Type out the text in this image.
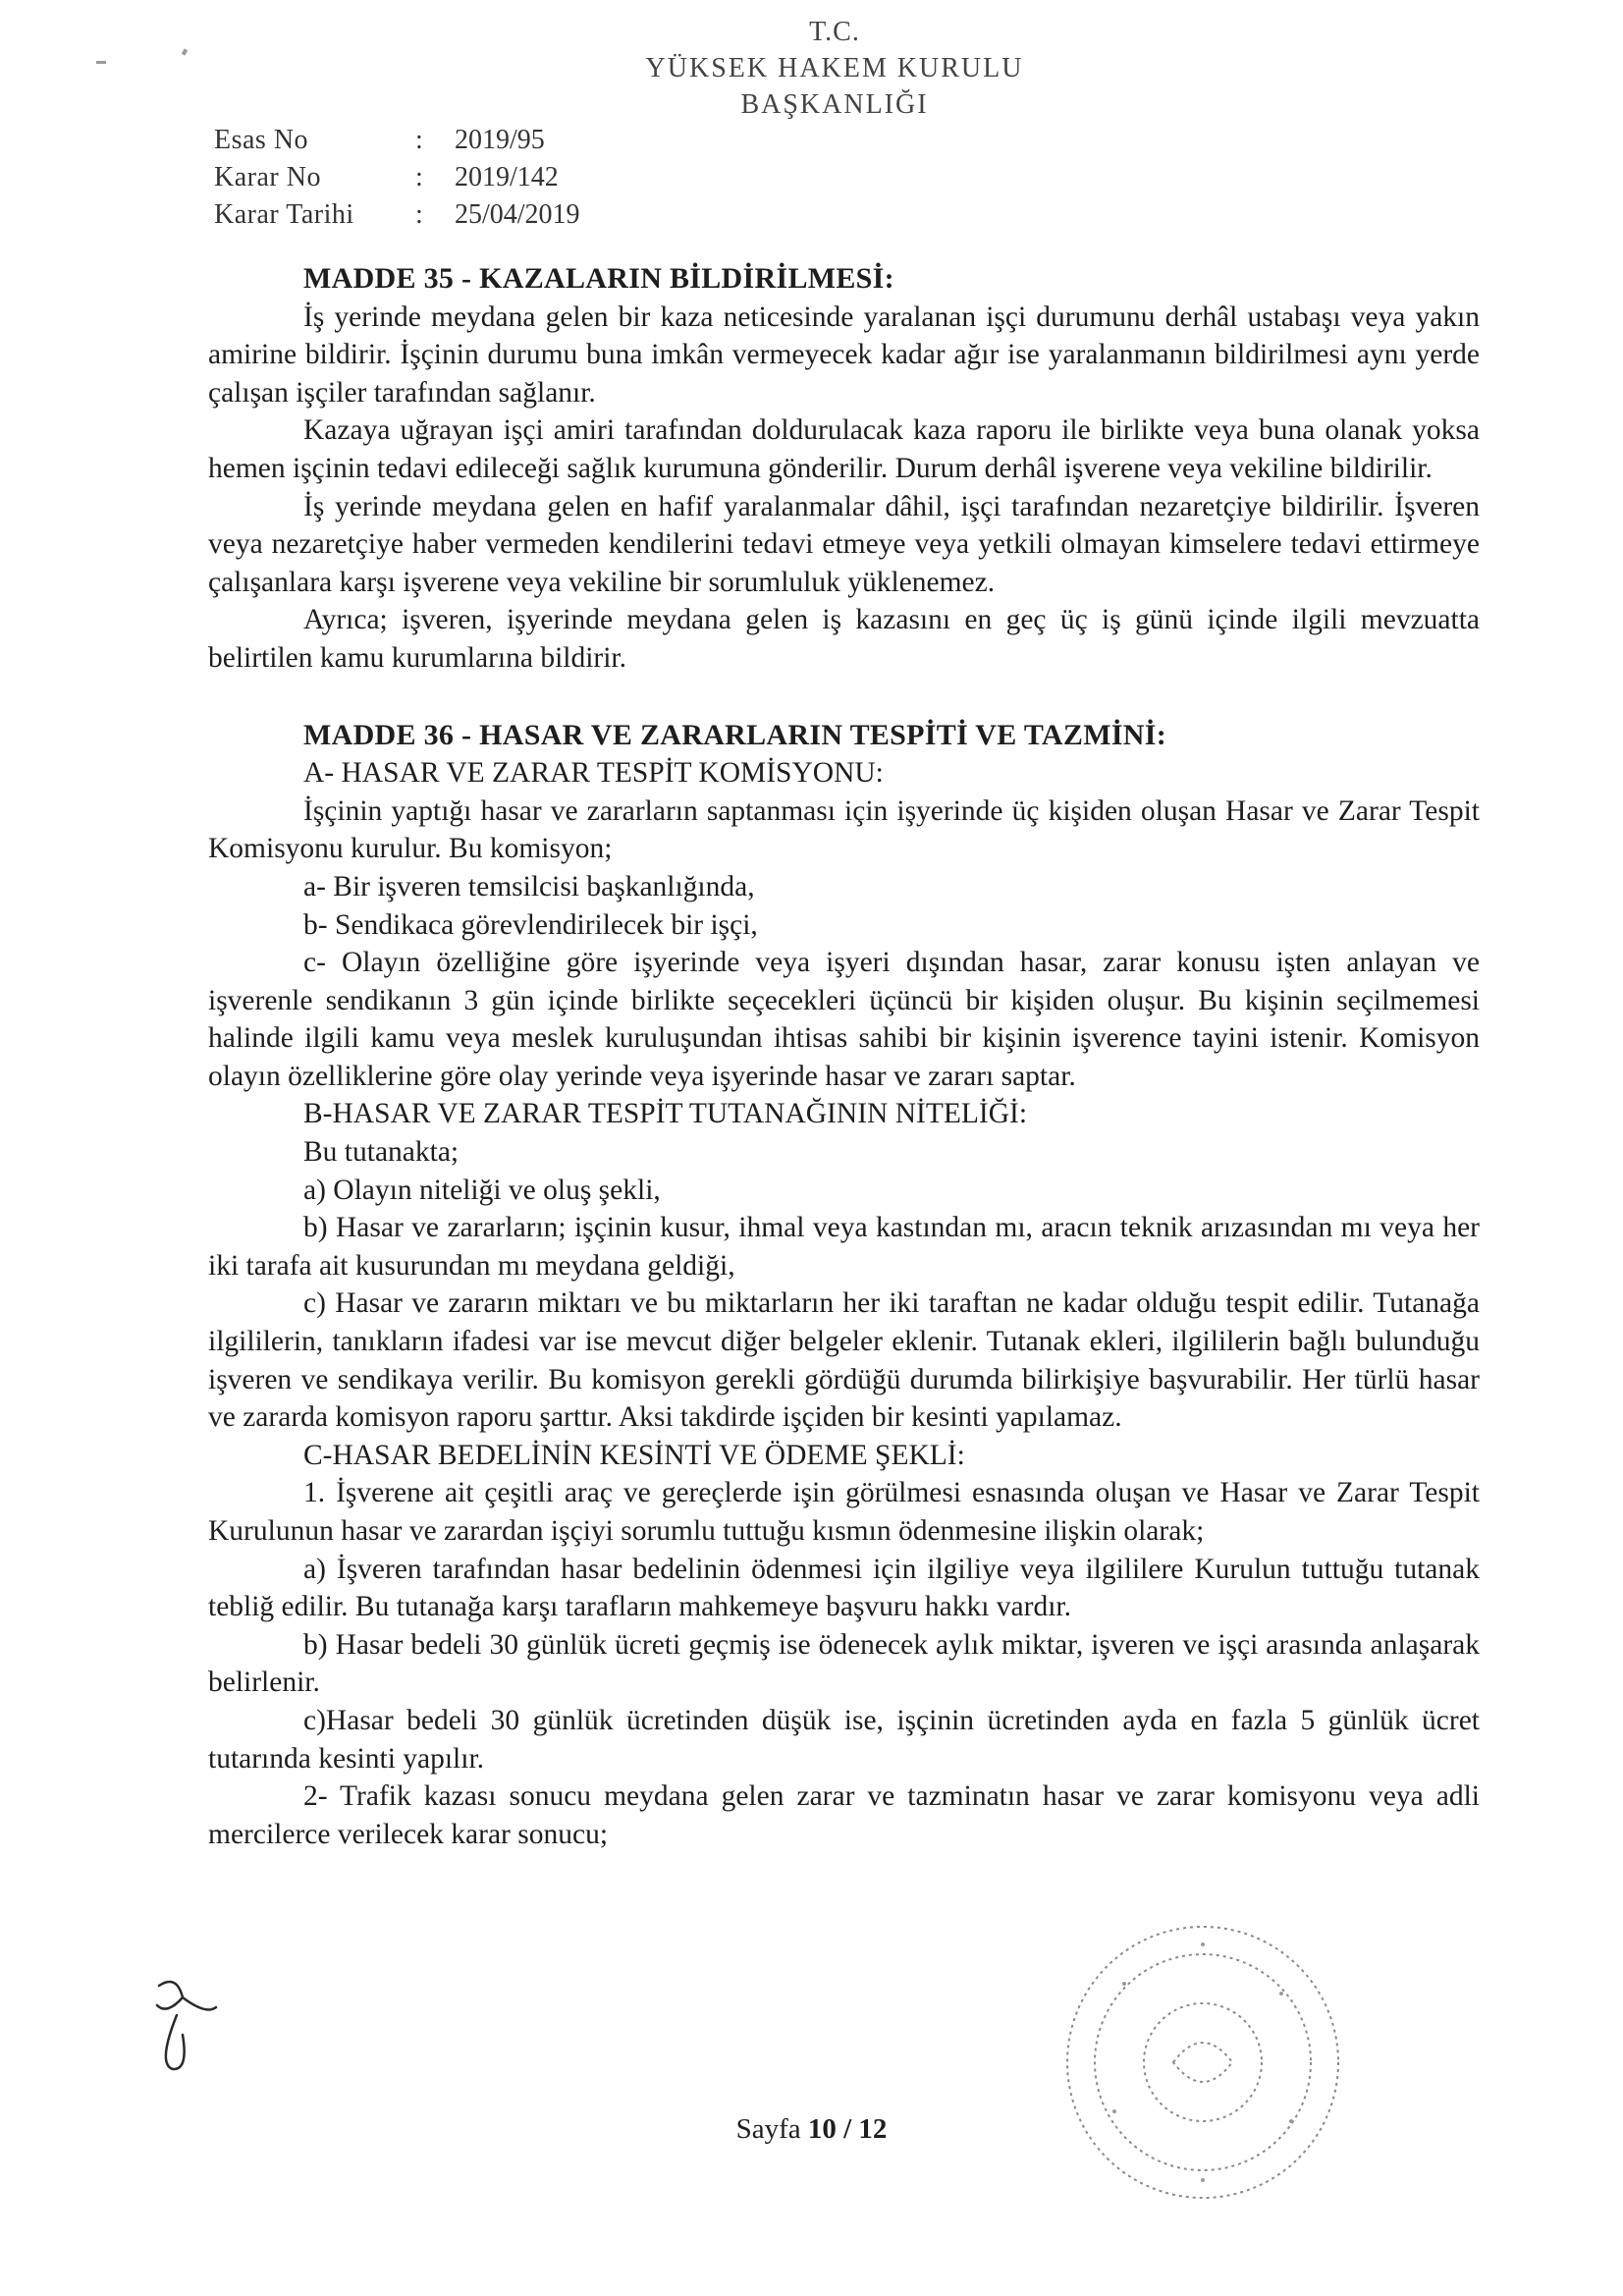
T.C.
YÜKSEK HAKEM KURULU
BAŞKANLIĞI
Esas No	:	2019/95
Karar No	:	2019/142
Karar Tarihi	:	25/04/2019

MADDE 35 - KAZALARIN BİLDİRİLMESİ:

İş yerinde meydana gelen bir kaza neticesinde yaralanan işçi durumunu derhâl ustabaşı veya yakın amirine bildirir. İşçinin durumu buna imkân vermeyecek kadar ağır ise yaralanmanın bildirilmesi aynı yerde çalışan işçiler tarafından sağlanır.

Kazaya uğrayan işçi amiri tarafından doldurulacak kaza raporu ile birlikte veya buna olanak yoksa hemen işçinin tedavi edileceği sağlık kurumuna gönderilir. Durum derhâl işverene veya vekiline bildirilir.

İş yerinde meydana gelen en hafif yaralanmalar dâhil, işçi tarafından nezaretçiye bildirilir. İşveren veya nezaretçiye haber vermeden kendilerini tedavi etmeye veya yetkili olmayan kimselere tedavi ettirmeye çalışanlara karşı işverene veya vekiline bir sorumluluk yüklenemez.

Ayrıca; işveren, işyerinde meydana gelen iş kazasını en geç üç iş günü içinde ilgili mevzuatta belirtilen kamu kurumlarına bildirir.

MADDE 36 - HASAR VE ZARARLARIN TESPİTİ VE TAZMİNİ:

A- HASAR VE ZARAR TESPİT KOMİSYONU:

İşçinin yaptığı hasar ve zararların saptanması için işyerinde üç kişiden oluşan Hasar ve Zarar Tespit Komisyonu kurulur. Bu komisyon;

a- Bir işveren temsilcisi başkanlığında,

b- Sendikaca görevlendirilecek bir işçi,

c- Olayın özelliğine göre işyerinde veya işyeri dışından hasar, zarar konusu işten anlayan ve işverenle sendikanın 3 gün içinde birlikte seçecekleri üçüncü bir kişiden oluşur. Bu kişinin seçilmemesi halinde ilgili kamu veya meslek kuruluşundan ihtisas sahibi bir kişinin işverence tayini istenir. Komisyon olayın özelliklerine göre olay yerinde veya işyerinde hasar ve zararı saptar.

B-HASAR VE ZARAR TESPİT TUTANAĞININ NİTELİĞİ:

Bu tutanakta;

a) Olayın niteliği ve oluş şekli,

b) Hasar ve zararların; işçinin kusur, ihmal veya kastından mı, aracın teknik arızasından mı veya her iki tarafa ait kusurundan mı meydana geldiği,

c) Hasar ve zararın miktarı ve bu miktarların her iki taraftan ne kadar olduğu tespit edilir. Tutanağa ilgililerin, tanıkların ifadesi var ise mevcut diğer belgeler eklenir. Tutanak ekleri, ilgililerin bağlı bulunduğu işveren ve sendikaya verilir. Bu komisyon gerekli gördüğü durumda bilirkişiye başvurabilir. Her türlü hasar ve zararda komisyon raporu şarttır. Aksi takdirde işçiden bir kesinti yapılamaz.

C-HASAR BEDELİNİN KESİNTİ VE ÖDEME ŞEKLİ:

1. İşverene ait çeşitli araç ve gereçlerde işin görülmesi esnasında oluşan ve Hasar ve Zarar Tespit Kurulunun hasar ve zarardan işçiyi sorumlu tuttuğu kısmın ödenmesine ilişkin olarak;

a) İşveren tarafından hasar bedelinin ödenmesi için ilgiliye veya ilgililere Kurulun tuttuğu tutanak tebliğ edilir. Bu tutanağa karşı tarafların mahkemeye başvuru hakkı vardır.

b) Hasar bedeli 30 günlük ücreti geçmiş ise ödenecek aylık miktar, işveren ve işçi arasında anlaşarak belirlenir.

c)Hasar bedeli 30 günlük ücretinden düşük ise, işçinin ücretinden ayda en fazla 5 günlük ücret tutarında kesinti yapılır.

2- Trafik kazası sonucu meydana gelen zarar ve tazminatın hasar ve zarar komisyonu veya adli mercilerce verilecek karar sonucu;

Sayfa 10 / 12
